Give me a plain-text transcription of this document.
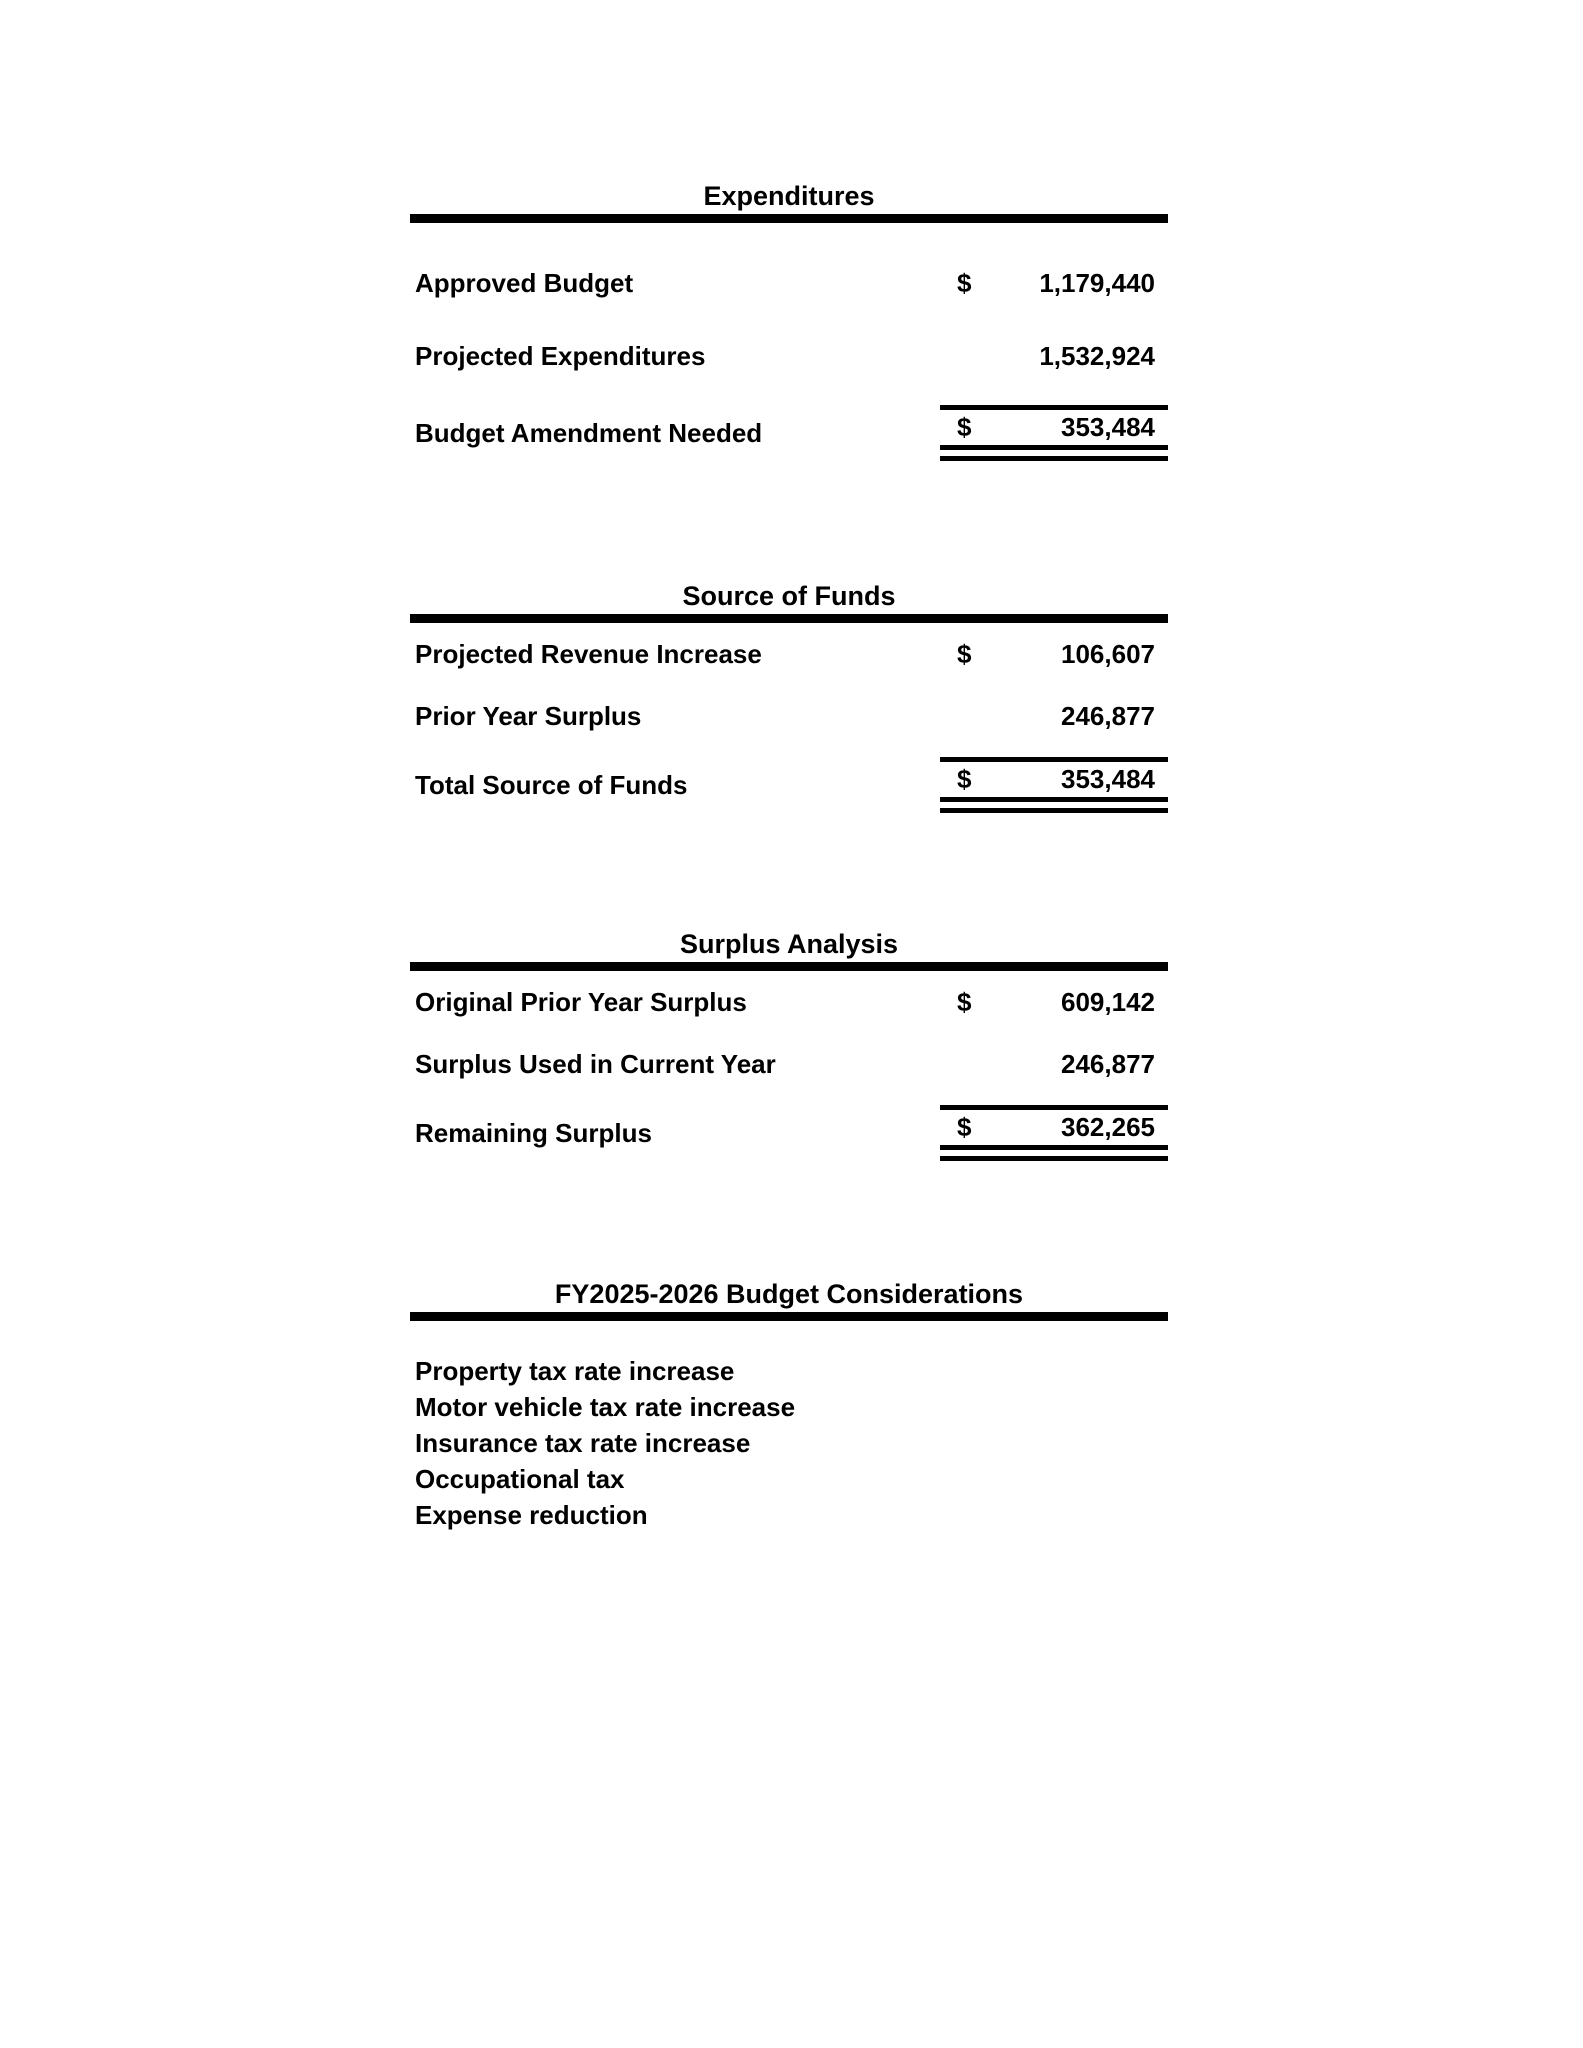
Expenditures
Approved Budget	$	1,179,440
Projected Expenditures	1,532,924
Budget Amendment Needed	$	353,484
Source of Funds
Projected Revenue Increase	$	106,607
Prior Year Surplus	246,877
Total Source of Funds	$	353,484
Surplus Analysis
Original Prior Year Surplus	$	609,142
Surplus Used in Current Year	246,877
Remaining Surplus	$	362,265
FY2025-2026 Budget Considerations
Property tax rate increase
Motor vehicle tax rate increase
Insurance tax rate increase
Occupational tax
Expense reduction
